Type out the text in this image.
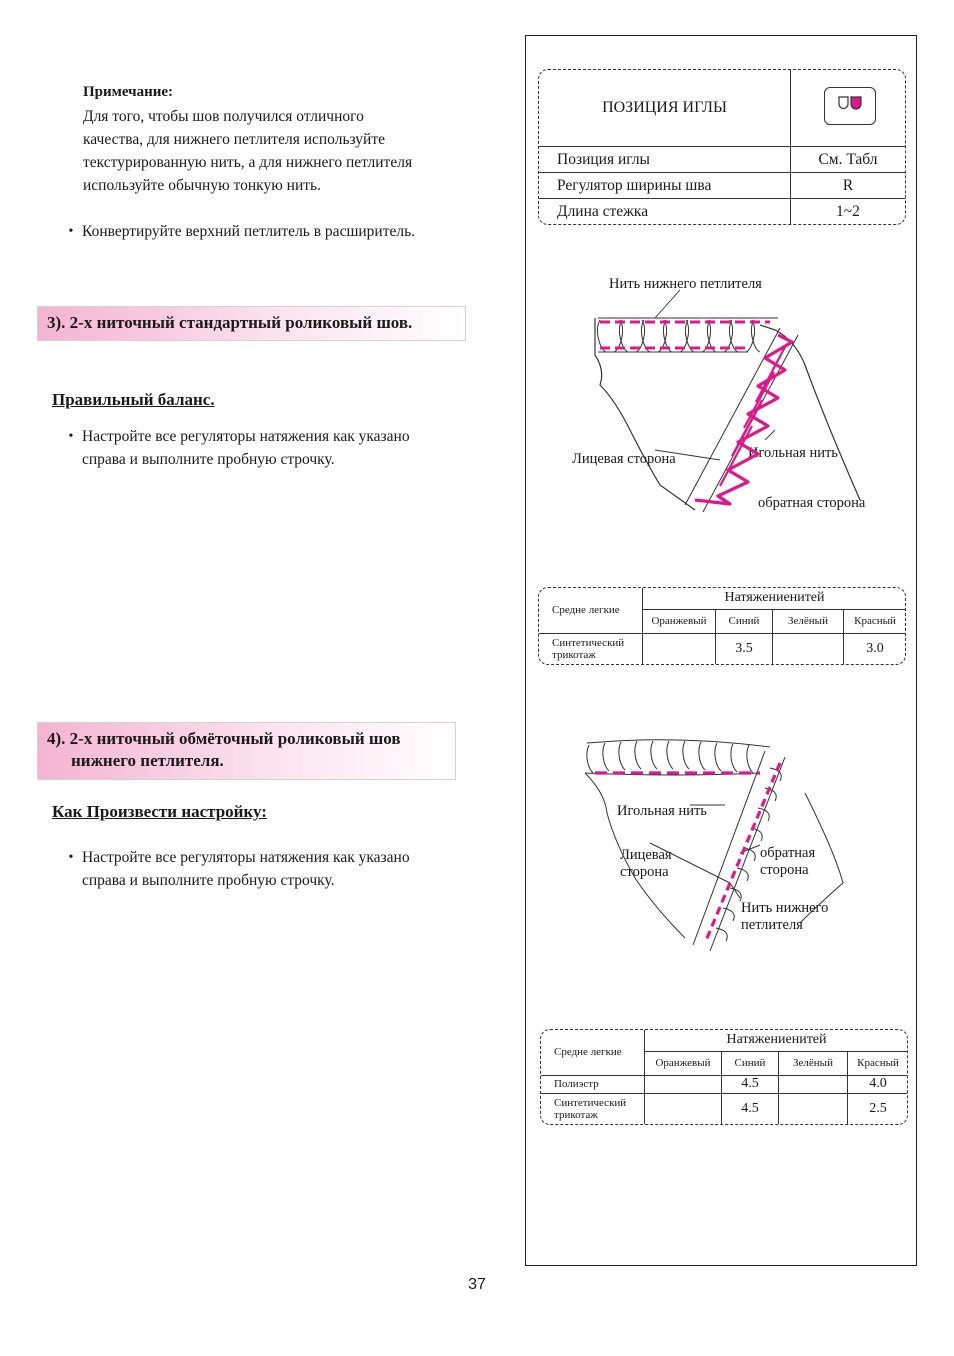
Примечание:
Для того, чтобы шов получился отличного
качества, для нижнего петлителя используйте
текстурированную нить, а для нижнего петлителя
используйте обычную тонкую нить.
• Конвертируйте верхний петлитель в расширитель.
3). 2-х ниточный стандартный роликовый шов.
Правильный баланс.
• Настройте все регуляторы натяжения как указано
справа и выполните пробную строчку.
4). 2-х ниточный обмёточный роликовый шов
нижнего петлителя.
Как Произвести настройку:
• Настройте все регуляторы натяжения как указано
справа и выполните пробную строчку.
ПОЗИЦИЯ ИГЛЫ
Позиция иглы	См. Табл
Регулятор ширины шва	R
Длина стежка	1~2
Нить нижнего петлителя
Лицевая сторона	Игольная нить
обратная сторона
Средне легкие	Натяжениенитей			
	Оранжевый	Синий	Зелёный	Красный

Синтетический
трикотаж		3.5		3.0
Игольная нить
Лицевая
сторона
обратная
сторона
Нить нижнего
петлителя
Средне легкие	Натяжениенитей			
	Оранжевый	Синий	Зелёный	Красный
Полиэстр		4.5		4.0

Синтетический
трикотаж		4.5		2.5
37
